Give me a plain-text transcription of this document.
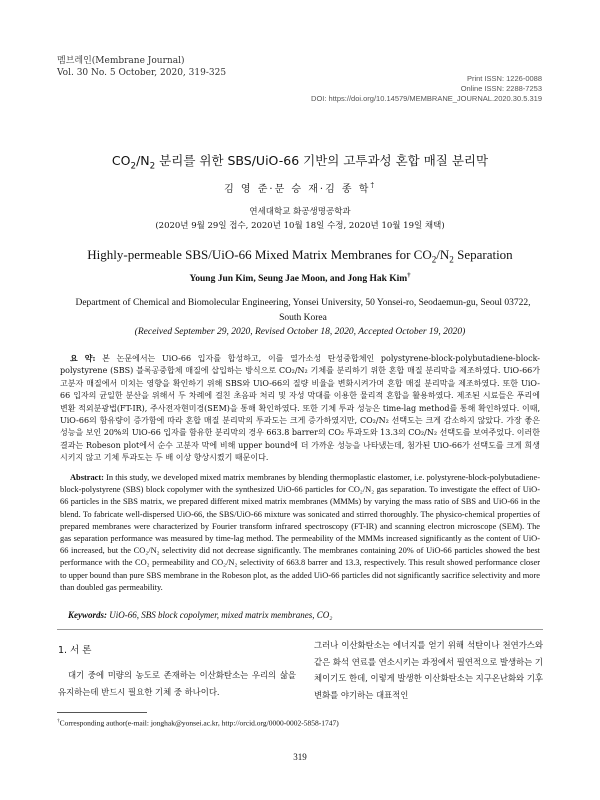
멤브레인(Membrane Journal)
Vol. 30 No. 5 October, 2020, 319-325
Print ISSN: 1226-0088
Online ISSN: 2288-7253
DOI: https://doi.org/10.14579/MEMBRANE_JOURNAL.2020.30.5.319
$CO_2/N_2$ 분리를 위한 SBS/UiO-66 기반의 고투과성 혼합 매질 분리막
김 영 준·문 승 재·김 종 학†
연세대학교 화공생명공학과
(2020년 9월 29일 접수, 2020년 10월 18일 수정, 2020년 10월 19일 채택)
Highly-permeable SBS/UiO-66 Mixed Matrix Membranes for $CO_2/N_2$ Separation
Young Jun Kim, Seung Jae Moon, and Jong Hak Kim†
Department of Chemical and Biomolecular Engineering, Yonsei University, 50 Yonsei-ro, Seodaemun-gu, Seoul 03722, South Korea
(Received September 29, 2020, Revised October 18, 2020, Accepted October 19, 2020)
요 약: 본 논문에서는 UiO-66 입자를 합성하고, 이를 열가소성 탄성중합체인 polystyrene-block-polybutadiene-block-polystyrene (SBS) 블록공중합체 매질에 삽입하는 방식으로 CO₂/N₂ 기체를 분리하기 위한 혼합 매질 분리막을 제조하였다. UiO-66가 고분자 매질에서 미치는 영향을 확인하기 위해 SBS와 UiO-66의 질량 비율을 변화시켜가며 혼합 매질 분리막을 제조하였다. 또한 UiO-66 입자의 균일한 분산을 위해서 두 차례에 걸친 초음파 처리 및 자성 막대를 이용한 물리적 혼합을 활용하였다. 제조된 시료들은 푸리에 변환 적외분광법(FT-IR), 주사전자현미경(SEM)을 통해 확인하였다. 또한 기체 투과 성능은 time-lag method를 통해 확인하였다. 이때, UiO-66의 함유량이 증가함에 따라 혼합 매질 분리막의 투과도는 크게 증가하였지만, CO₂/N₂ 선택도는 크게 감소하지 않았다. 가장 좋은 성능을 보인 20%의 UiO-66 입자를 함유한 분리막의 경우 663.8 barrer의 CO₂ 투과도와 13.3의 CO₂/N₂ 선택도를 보여주었다. 이러한 결과는 Robeson plot에서 순수 고분자 막에 비해 upper bound에 더 가까운 성능을 나타냈는데, 첨가된 UiO-66가 선택도를 크게 희생시키지 않고 기체 투과도는 두 배 이상 향상시켰기 때문이다.
Abstract: In this study, we developed mixed matrix membranes by blending thermoplastic elastomer, i.e. polystyrene-block-polybutadiene-block-polystyrene (SBS) block copolymer with the synthesized UiO-66 particles for CO₂/N₂ gas separation. To investigate the effect of UiO-66 particles in the SBS matrix, we prepared different mixed matrix membranes (MMMs) by varying the mass ratio of SBS and UiO-66 in the blend. To fabricate well-dispersed UiO-66, the SBS/UiO-66 mixture was sonicated and stirred thoroughly. The physico-chemical properties of prepared membranes were characterized by Fourier transform infrared spectroscopy (FT-IR) and scanning electron microscope (SEM). The gas separation performance was measured by time-lag method. The permeability of the MMMs increased significantly as the content of UiO-66 increased, but the CO₂/N₂ selectivity did not decrease significantly. The membranes containing 20% of UiO-66 particles showed the best performance with the CO₂ permeability and CO₂/N₂ selectivity of 663.8 barrer and 13.3, respectively. This result showed performance closer to upper bound than pure SBS membrane in the Robeson plot, as the added UiO-66 particles did not significantly sacrifice selectivity and more than doubled gas permeability.
Keywords: UiO-66, SBS block copolymer, mixed matrix membranes, CO₂
1. 서 론
대기 중에 미량의 농도로 존재하는 이산화탄소는 우리의 삶을 유지하는데 반드시 필요한 기체 중 하나이다.
그러나 이산화탄소는 에너지를 얻기 위해 석탄이나 천연가스와 같은 화석 연료를 연소시키는 과정에서 필연적으로 발생하는 기체이기도 한데, 이렇게 발생한 이산화탄소는 지구온난화와 기후 변화를 야기하는 대표적인
†Corresponding author(e-mail: jonghak@yonsei.ac.kr, http://orcid.org/0000-0002-5858-1747)
319
